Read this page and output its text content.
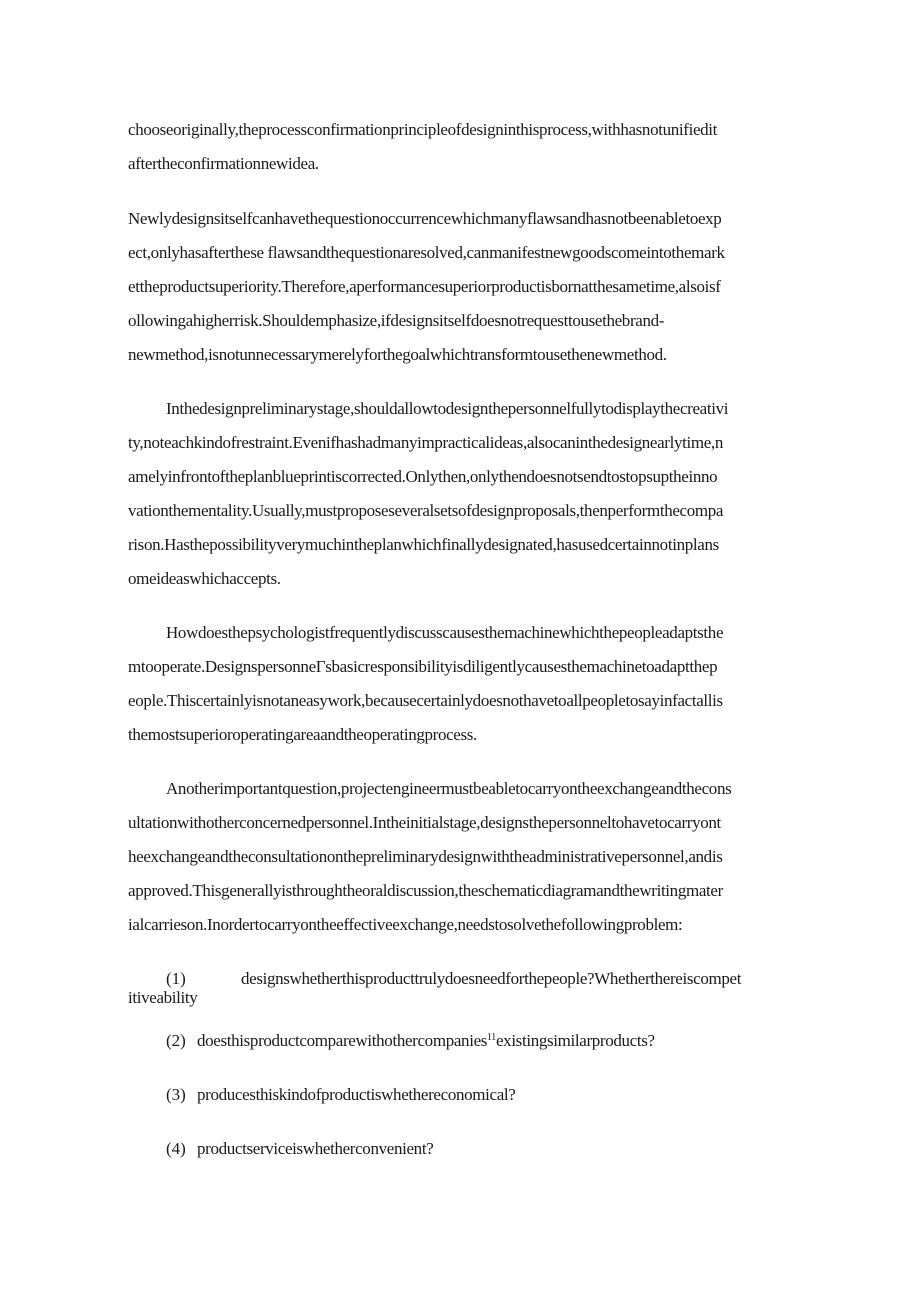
chooseoriginally,theprocessconfirmationprincipleofdesigninthisprocess,withhasnotunifiedit
aftertheconfirmationnewidea.
Newlydesignsitselfcanhavethequestionoccurrencewhichmanyflawsandhasnotbeenabletoexp
ect,onlyhasafterthese flawsandthequestionaresolved,canmanifestnewgoodscomeintothemark
ettheproductsuperiority.Therefore,aperformancesuperiorproductisbornatthesametime,alsoisf
ollowingahigherrisk.Shouldemphasize,ifdesignsitselfdoesnotrequesttousethebrand-
newmethod,isnotunnecessarymerelyforthegoalwhichtransformtousethenewmethod.
Inthedesignpreliminarystage,shouldallowtodesignthepersonnelfullytodisplaythecreativi
ty,noteachkindofrestraint.Evenifhashadmanyimpracticalideas,alsocaninthedesignearlytime,n
amelyinfrontoftheplanblueprintiscorrected.Onlythen,onlythendoesnotsendtostopsuptheinno
vationthementality.Usually,mustproposeseveralsetsofdesignproposals,thenperformthecompa
rison.Hasthepossibilityverymuchintheplanwhichfinallydesignated,hasusedcertainnotinplans
omeideaswhichaccepts.
Howdoesthepsychologistfrequentlydiscusscausesthemachinewhichthepeopleadaptsthe
mtooperate.DesignspersonneΓsbasicresponsibilityisdiligentlycausesthemachinetoadaptthep
eople.Thiscertainlyisnotaneasywork,becausecertainlydoesnothavetoallpeopletosayinfactallis
themostsuperioroperatingareaandtheoperatingprocess.
Anotherimportantquestion,projectengineermustbeabletocarryontheexchangeandthecons
ultationwithotherconcernedpersonnel.Intheinitialstage,designsthepersonneltohavetocarryont
heexchangeandtheconsultationonthepreliminarydesignwiththeadministrativepersonnel,andis
approved.Thisgenerallyisthroughtheoraldiscussion,theschematicdiagramandthewritingmater
ialcarrieson.Inordertocarryontheeffectiveexchange,needstosolvethefollowingproblem:
(1)	designswhetherthisproducttrulydoesneedforthepeople?Whetherthereiscompet
itiveability
(2) doesthisproductcomparewithothercompanies$^{11}$existingsimilarproducts?
(3) producesthiskindofproductiswhethereconomical?
(4) productserviceiswhetherconvenient?
